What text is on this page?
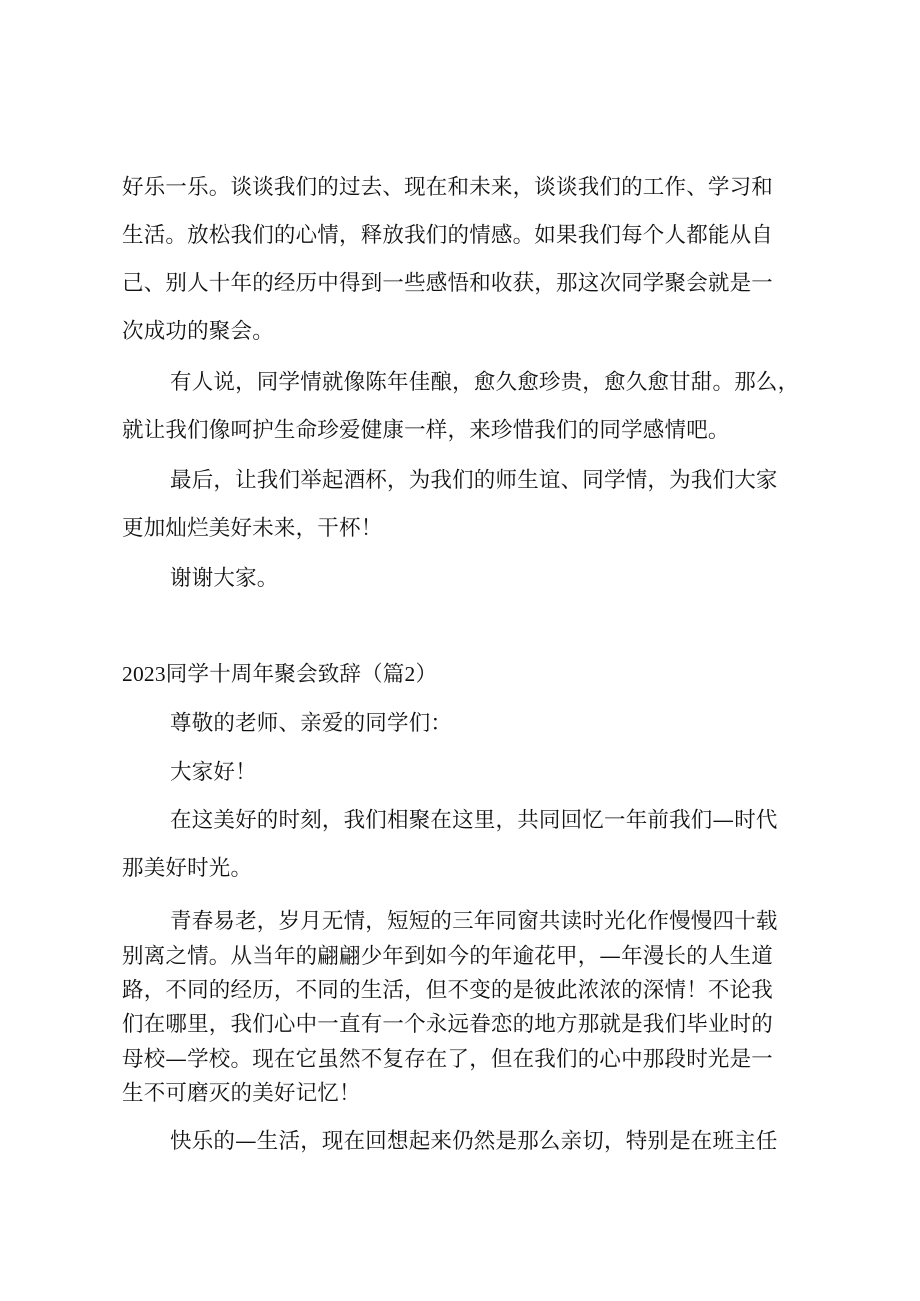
好乐一乐。谈谈我们的过去、现在和未来，谈谈我们的工作、学习和
生活。放松我们的心情，释放我们的情感。如果我们每个人都能从自
己、别人十年的经历中得到一些感悟和收获，那这次同学聚会就是一
次成功的聚会。
有人说，同学情就像陈年佳酿，愈久愈珍贵，愈久愈甘甜。那么，
就让我们像呵护生命珍爱健康一样，来珍惜我们的同学感情吧。
最后，让我们举起酒杯，为我们的师生谊、同学情，为我们大家
更加灿烂美好未来，干杯！
谢谢大家。
2023同学十周年聚会致辞（篇2）
尊敬的老师、亲爱的同学们：
大家好！
在这美好的时刻，我们相聚在这里，共同回忆一年前我们—时代
那美好时光。
青春易老，岁月无情，短短的三年同窗共读时光化作慢慢四十载
别离之情。从当年的翩翩少年到如今的年逾花甲，—年漫长的人生道
路，不同的经历，不同的生活，但不变的是彼此浓浓的深情！不论我
们在哪里，我们心中一直有一个永远眷恋的地方那就是我们毕业时的
母校—学校。现在它虽然不复存在了，但在我们的心中那段时光是一
生不可磨灭的美好记忆！
快乐的—生活，现在回想起来仍然是那么亲切，特别是在班主任
